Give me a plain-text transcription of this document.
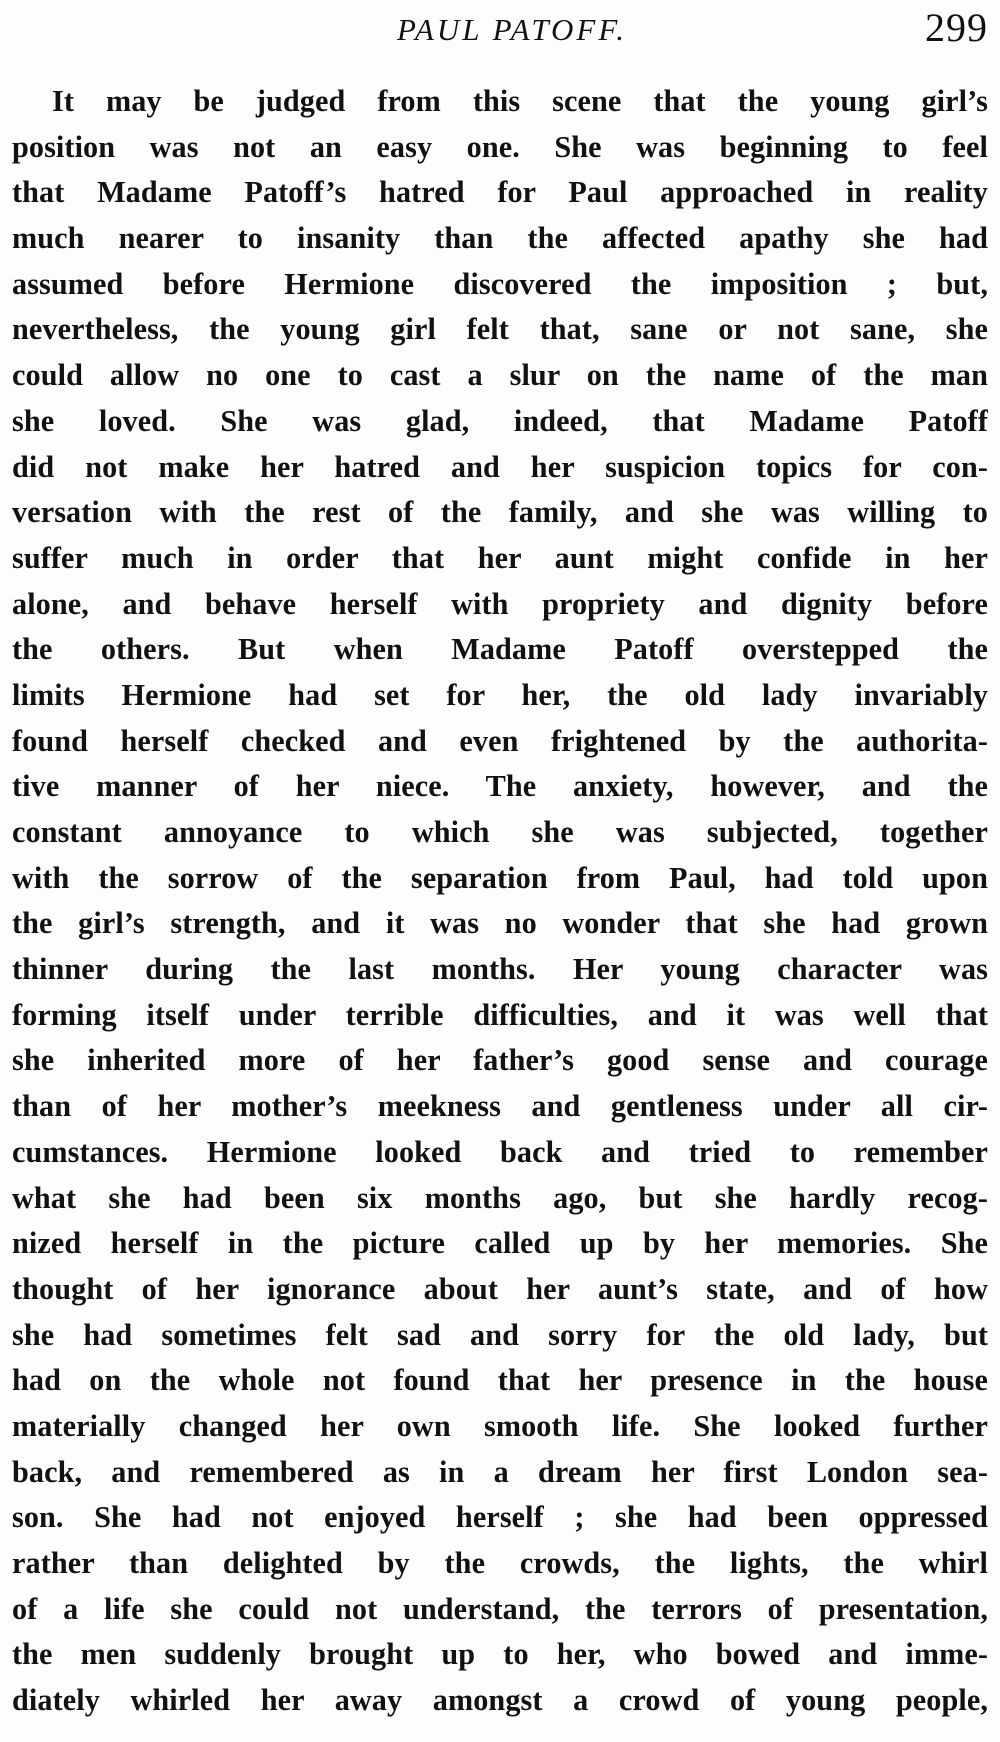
PAUL PATOFF.	299
It may be judged from this scene that the young girl’s
position was not an easy one. She was beginning to feel
that Madame Patoff’s hatred for Paul approached in reality
much nearer to insanity than the affected apathy she had
assumed before Hermione discovered the imposition ; but,
nevertheless, the young girl felt that, sane or not sane, she
could allow no one to cast a slur on the name of the man
she loved. She was glad, indeed, that Madame Patoff
did not make her hatred and her suspicion topics for con-
versation with the rest of the family, and she was willing to
suffer much in order that her aunt might confide in her
alone, and behave herself with propriety and dignity before
the others. But when Madame Patoff overstepped the
limits Hermione had set for her, the old lady invariably
found herself checked and even frightened by the authorita-
tive manner of her niece. The anxiety, however, and the
constant annoyance to which she was subjected, together
with the sorrow of the separation from Paul, had told upon
the girl’s strength, and it was no wonder that she had grown
thinner during the last months. Her young character was
forming itself under terrible difficulties, and it was well that
she inherited more of her father’s good sense and courage
than of her mother’s meekness and gentleness under all cir-
cumstances. Hermione looked back and tried to remember
what she had been six months ago, but she hardly recog-
nized herself in the picture called up by her memories. She
thought of her ignorance about her aunt’s state, and of how
she had sometimes felt sad and sorry for the old lady, but
had on the whole not found that her presence in the house
materially changed her own smooth life. She looked further
back, and remembered as in a dream her first London sea-
son. She had not enjoyed herself ; she had been oppressed
rather than delighted by the crowds, the lights, the whirl
of a life she could not understand, the terrors of presentation,
the men suddenly brought up to her, who bowed and imme-
diately whirled her away amongst a crowd of young people,
